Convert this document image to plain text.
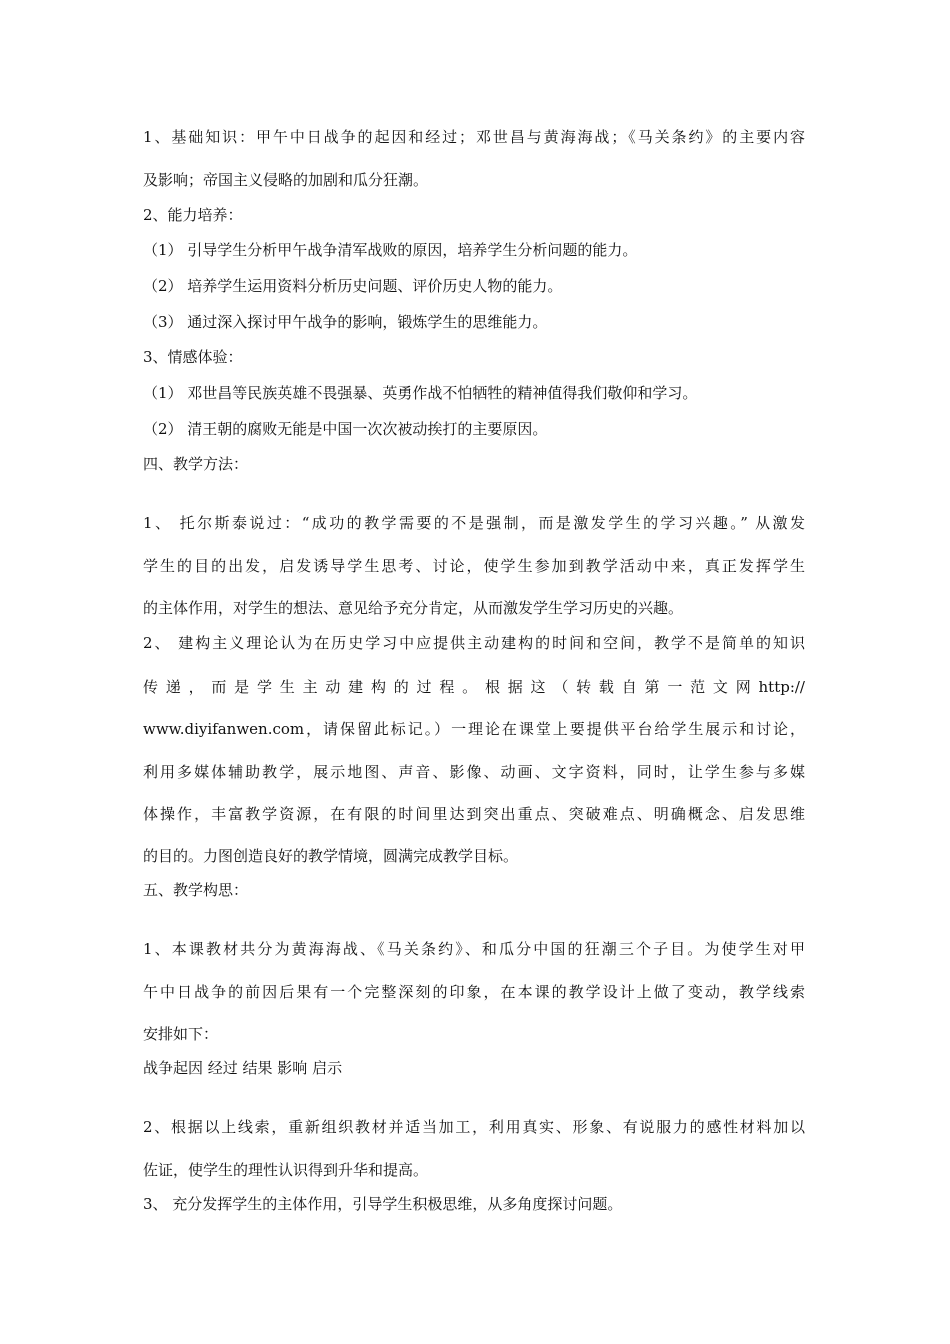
1、基础知识：甲午中日战争的起因和经过；邓世昌与黄海海战；《马关条约》的主要内容
及影响；帝国主义侵略的加剧和瓜分狂潮。
2、能力培养：
（1） 引导学生分析甲午战争清军战败的原因，培养学生分析问题的能力。
（2） 培养学生运用资料分析历史问题、评价历史人物的能力。
（3） 通过深入探讨甲午战争的影响，锻炼学生的思维能力。
3、情感体验：
（1） 邓世昌等民族英雄不畏强暴、英勇作战不怕牺牲的精神值得我们敬仰和学习。
（2） 清王朝的腐败无能是中国一次次被动挨打的主要原因。
四、教学方法：
1、 托尔斯泰说过：“成功的教学需要的不是强制，而是激发学生的学习兴趣。” 从激发
学生的目的出发，启发诱导学生思考、讨论，使学生参加到教学活动中来，真正发挥学生
的主体作用，对学生的想法、意见给予充分肯定，从而激发学生学习历史的兴趣。
2、 建构主义理论认为在历史学习中应提供主动建构的时间和空间，教学不是简单的知识
传 递 ， 而 是 学 生 主 动 建 构 的 过 程 。 根 据 这 （ 转 载 自 第 一 范 文 网 http://
www.diyifanwen.com，请保留此标记。）一理论在课堂上要提供平台给学生展示和讨论，
利用多媒体辅助教学，展示地图、声音、影像、动画、文字资料，同时，让学生参与多媒
体操作，丰富教学资源，在有限的时间里达到突出重点、突破难点、明确概念、启发思维
的目的。力图创造良好的教学情境，圆满完成教学目标。
五、教学构思：
1、本课教材共分为黄海海战、《马关条约》、和瓜分中国的狂潮三个子目。为使学生对甲
午中日战争的前因后果有一个完整深刻的印象，在本课的教学设计上做了变动，教学线索
安排如下：
战争起因 经过 结果 影响 启示
2、根据以上线索，重新组织教材并适当加工，利用真实、形象、有说服力的感性材料加以
佐证，使学生的理性认识得到升华和提高。
3、 充分发挥学生的主体作用，引导学生积极思维，从多角度探讨问题。
